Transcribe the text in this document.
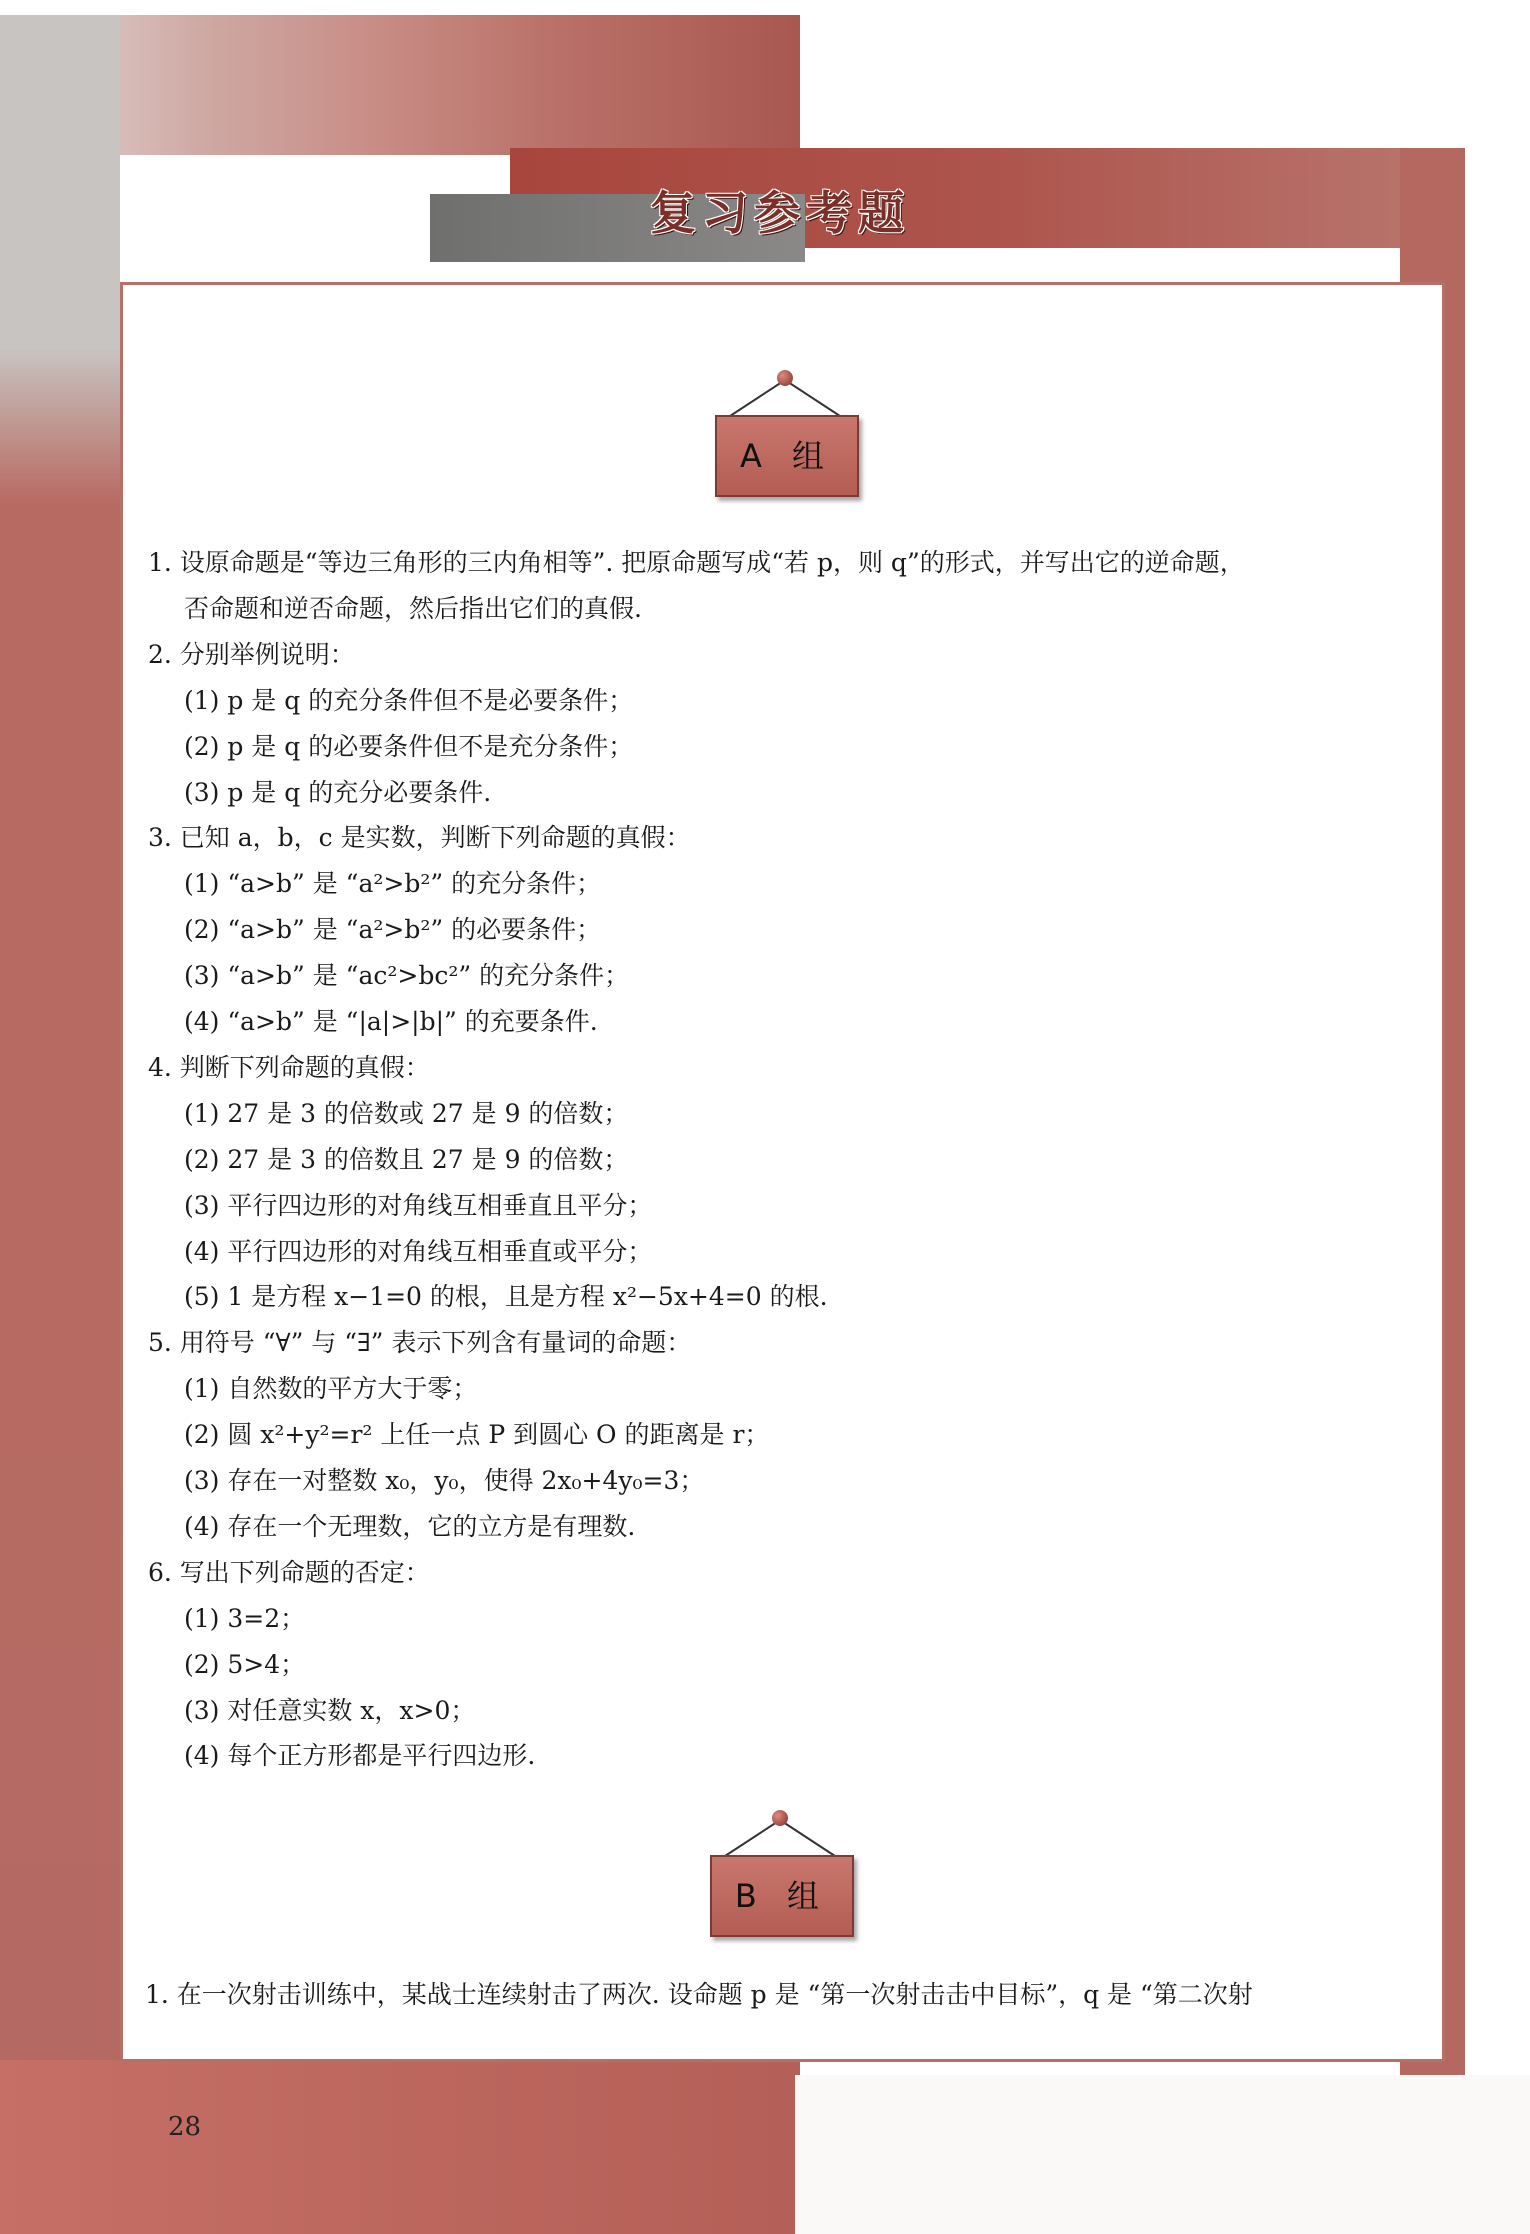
复习参考题
A 组
1. 设原命题是“等边三角形的三内角相等”. 把原命题写成“若 p，则 q”的形式，并写出它的逆命题，
否命题和逆否命题，然后指出它们的真假.
2. 分别举例说明：
(1) p 是 q 的充分条件但不是必要条件；
(2) p 是 q 的必要条件但不是充分条件；
(3) p 是 q 的充分必要条件.
3. 已知 a，b，c 是实数，判断下列命题的真假：
(1) “a>b” 是 “a²>b²” 的充分条件；
(2) “a>b” 是 “a²>b²” 的必要条件；
(3) “a>b” 是 “ac²>bc²” 的充分条件；
(4) “a>b” 是 “|a|>|b|” 的充要条件.
4. 判断下列命题的真假：
(1) 27 是 3 的倍数或 27 是 9 的倍数；
(2) 27 是 3 的倍数且 27 是 9 的倍数；
(3) 平行四边形的对角线互相垂直且平分；
(4) 平行四边形的对角线互相垂直或平分；
(5) 1 是方程 x−1=0 的根，且是方程 x²−5x+4=0 的根.
5. 用符号 “∀” 与 “∃” 表示下列含有量词的命题：
(1) 自然数的平方大于零；
(2) 圆 x²+y²=r² 上任一点 P 到圆心 O 的距离是 r；
(3) 存在一对整数 x₀，y₀，使得 2x₀+4y₀=3；
(4) 存在一个无理数，它的立方是有理数.
6. 写出下列命题的否定：
(1) 3=2；
(2) 5>4；
(3) 对任意实数 x，x>0；
(4) 每个正方形都是平行四边形.
B 组
1. 在一次射击训练中，某战士连续射击了两次. 设命题 p 是 “第一次射击击中目标”，q 是 “第二次射
28
